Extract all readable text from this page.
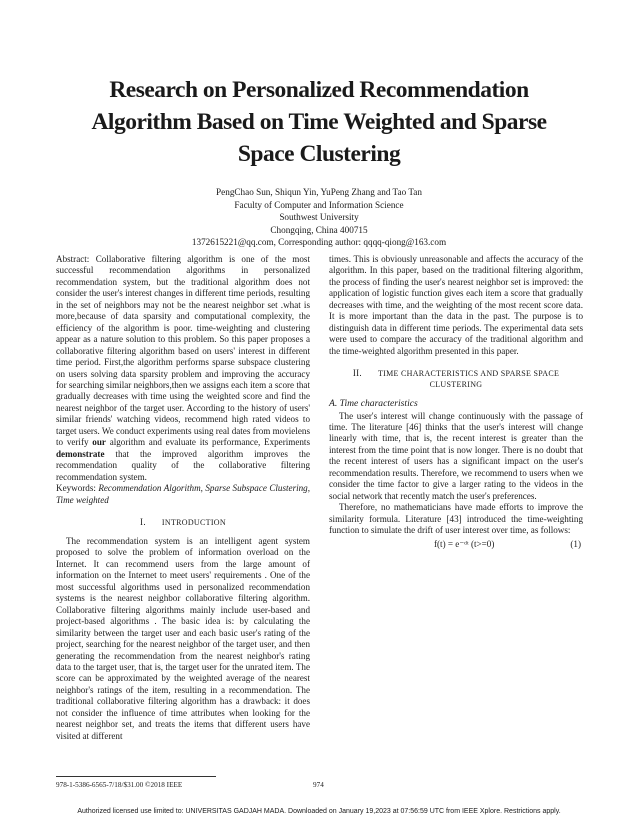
Research on Personalized Recommendation
Algorithm Based on Time Weighted and Sparse
Space Clustering
PengChao Sun, Shiqun Yin, YuPeng Zhang and Tao Tan
Faculty of Computer and Information Science
Southwest University
Chongqing, China 400715
1372615221@qq.com, Corresponding author: qqqq-qiong@163.com

Abstract: Collaborative filtering algorithm is one of the most successful recommendation algorithms in personalized recommendation system, but the traditional algorithm does not consider the user's interest changes in different time periods, resulting in the set of neighbors may not be the nearest neighbor set .what is more,because of data sparsity and computational complexity, the efficiency of the algorithm is poor. time-weighting and clustering appear as a nature solution to this problem. So this paper proposes a collaborative filtering algorithm based on users' interest in different time period. First,the algorithm performs sparse subspace clustering on users solving data sparsity problem and improving the accuracy for searching similar neighbors,then we assigns each item a score that gradually decreases with time using the weighted score and find the nearest neighbor of the target user. According to the history of users' similar friends' watching videos, recommend high rated videos to target users. We conduct experiments using real dates from movielens to verify our algorithm and evaluate its performance, Experiments demonstrate that the improved algorithm improves the recommendation quality of the collaborative filtering recommendation system.

Keywords: Recommendation Algorithm, Sparse Subspace Clustering, Time weighted

I. INTRODUCTION

The recommendation system is an intelligent agent system proposed to solve the problem of information overload on the Internet. It can recommend users from the large amount of information on the Internet to meet users' requirements . One of the most successful algorithms used in personalized recommendation systems is the nearest neighbor collaborative filtering algorithm. Collaborative filtering algorithms mainly include user-based and project-based algorithms . The basic idea is: by calculating the similarity between the target user and each basic user's rating of the project, searching for the nearest neighbor of the target user, and then generating the recommendation from the nearest neighbor's rating data to the target user, that is, the target user for the unrated item. The score can be approximated by the weighted average of the nearest neighbor's ratings of the item, resulting in a recommendation. The traditional collaborative filtering algorithm has a drawback: it does not consider the influence of time attributes when looking for the nearest neighbor set, and treats the items that different users have visited at different

times. This is obviously unreasonable and affects the accuracy of the algorithm. In this paper, based on the traditional filtering algorithm, the process of finding the user's nearest neighbor set is improved: the application of logistic function gives each item a score that gradually decreases with time, and the weighting of the most recent score data. It is more important than the data in the past. The purpose is to distinguish data in different time periods. The experimental data sets were used to compare the accuracy of the traditional algorithm and the time-weighted algorithm presented in this paper.

II. TIME CHARACTERISTICS AND SPARSE SPACE CLUSTERING

A. Time characteristics

The user's interest will change continuously with the passage of time. The literature [46] thinks that the user's interest will change linearly with time, that is, the recent interest is greater than the interest from the time point that is now longer. There is no doubt that the recent interest of users has a significant impact on the user's recommendation results. Therefore, we recommend to users when we consider the time factor to give a larger rating to the videos in the social network that recently match the user's preferences.

Therefore, no mathematicians have made efforts to improve the similarity formula. Literature [43] introduced the time-weighting function to simulate the drift of user interest over time, as follows:

f(t) = e⁻ᵈᵗ (t>=0)	(1)

978-1-5386-6565-7/18/$31.00 ©2018 IEEE	974
Authorized licensed use limited to: UNIVERSITAS GADJAH MADA. Downloaded on January 19,2023 at 07:56:59 UTC from IEEE Xplore. Restrictions apply.
